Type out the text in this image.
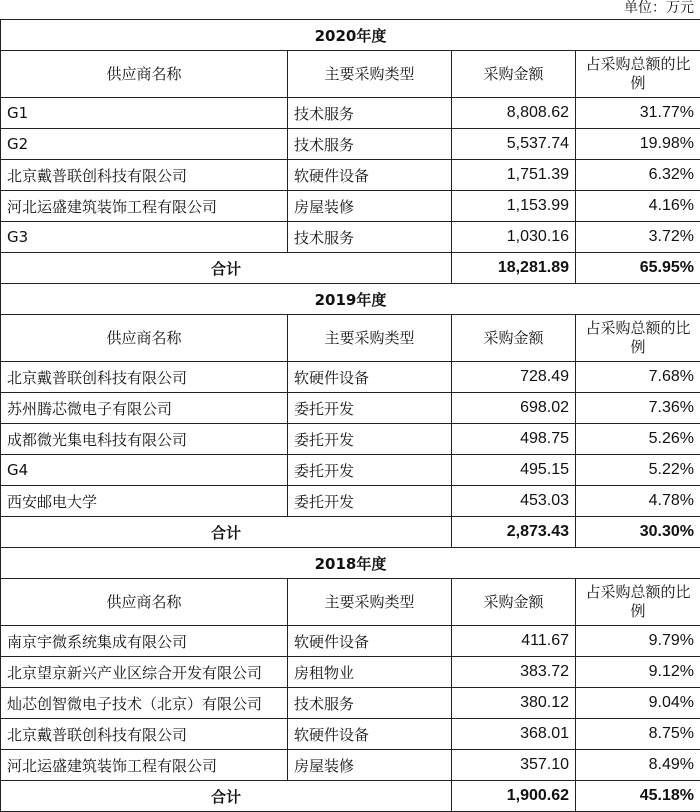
单位：万元
2020年度			
供应商名称	主要采购类型	采购金额	占采购总额的比例
G1	技术服务	8,808.62	31.77%
G2	技术服务	5,537.74	19.98%
北京戴普联创科技有限公司	软硬件设备	1,751.39	6.32%
河北运盛建筑装饰工程有限公司	房屋装修	1,153.99	4.16%
G3	技术服务	1,030.16	3.72%
合计		18,281.89	65.95%
2019年度			
供应商名称	主要采购类型	采购金额	占采购总额的比例
北京戴普联创科技有限公司	软硬件设备	728.49	7.68%
苏州腾芯微电子有限公司	委托开发	698.02	7.36%
成都微光集电科技有限公司	委托开发	498.75	5.26%
G4	委托开发	495.15	5.22%
西安邮电大学	委托开发	453.03	4.78%
合计		2,873.43	30.30%
2018年度			
供应商名称	主要采购类型	采购金额	占采购总额的比例
南京宇微系统集成有限公司	软硬件设备	411.67	9.79%
北京望京新兴产业区综合开发有限公司	房租物业	383.72	9.12%
灿芯创智微电子技术（北京）有限公司	技术服务	380.12	9.04%
北京戴普联创科技有限公司	软硬件设备	368.01	8.75%
河北运盛建筑装饰工程有限公司	房屋装修	357.10	8.49%
合计		1,900.62	45.18%
